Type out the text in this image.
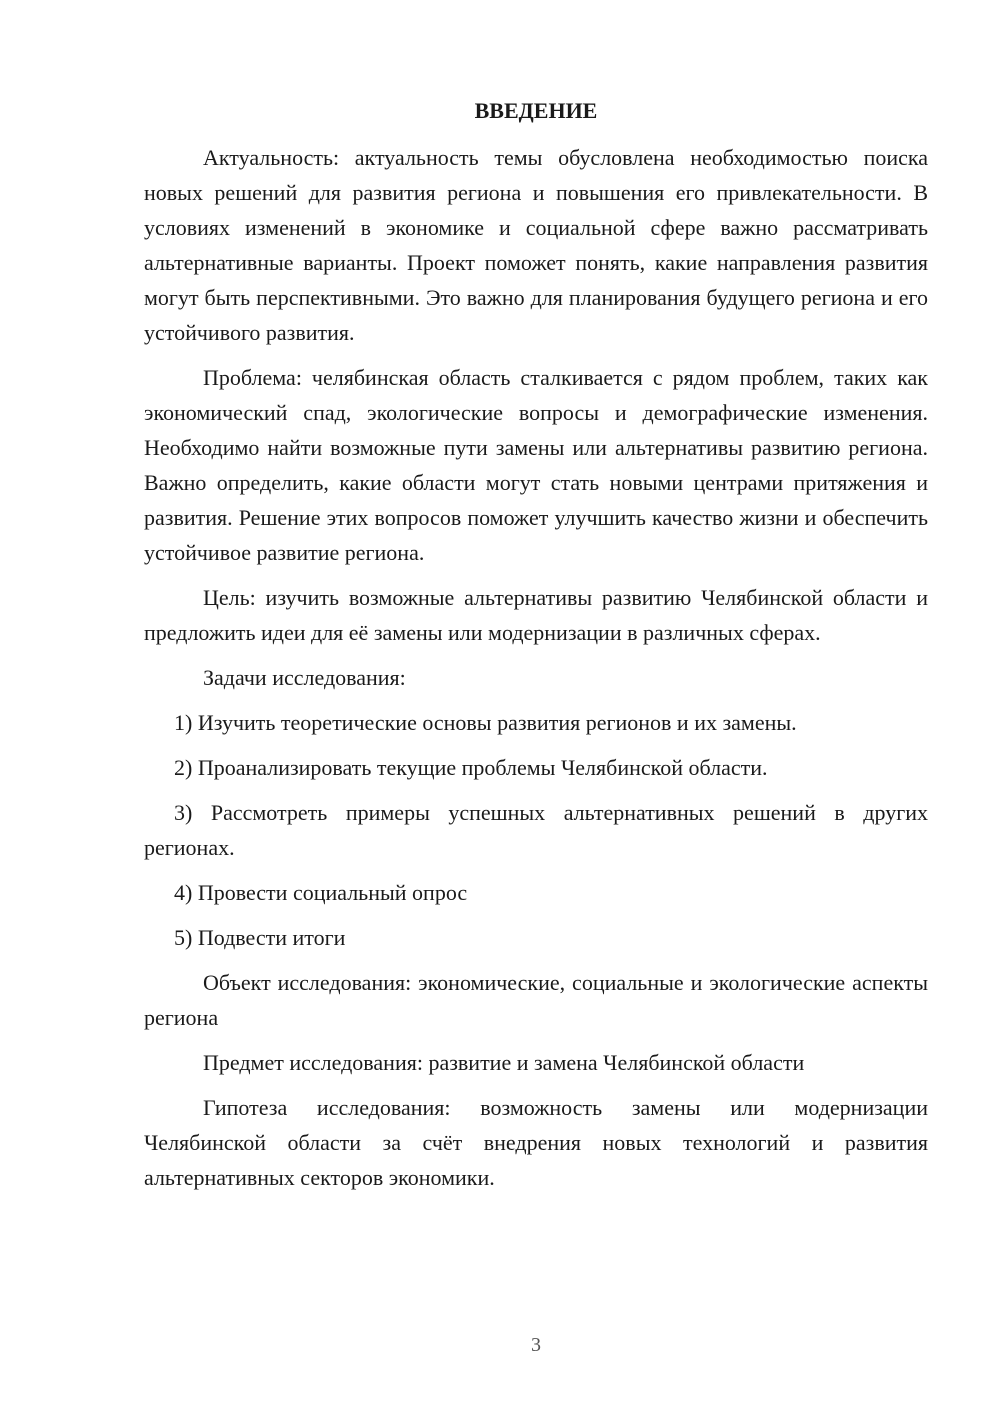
ВВЕДЕНИЕ

Актуальность: актуальность темы обусловлена необходимостью поиска новых решений для развития региона и повышения его привлекательности. В условиях изменений в экономике и социальной сфере важно рассматривать альтернативные варианты. Проект поможет понять, какие направления развития могут быть перспективными. Это важно для планирования будущего региона и его устойчивого развития.

Проблема: челябинская область сталкивается с рядом проблем, таких как экономический спад, экологические вопросы и демографические изменения. Необходимо найти возможные пути замены или альтернативы развитию региона. Важно определить, какие области могут стать новыми центрами притяжения и развития. Решение этих вопросов поможет улучшить качество жизни и обеспечить устойчивое развитие региона.

Цель: изучить возможные альтернативы развитию Челябинской области и предложить идеи для её замены или модернизации в различных сферах.

Задачи исследования:

1) Изучить теоретические основы развития регионов и их замены.
2) Проанализировать текущие проблемы Челябинской области.
3) Рассмотреть примеры успешных альтернативных решений в других регионах.
4) Провести социальный опрос
5) Подвести итоги

Объект исследования: экономические, социальные и экологические аспекты региона

Предмет исследования: развитие и замена Челябинской области

Гипотеза исследования: возможность замены или модернизации Челябинской области за счёт внедрения новых технологий и развития альтернативных секторов экономики.

3
